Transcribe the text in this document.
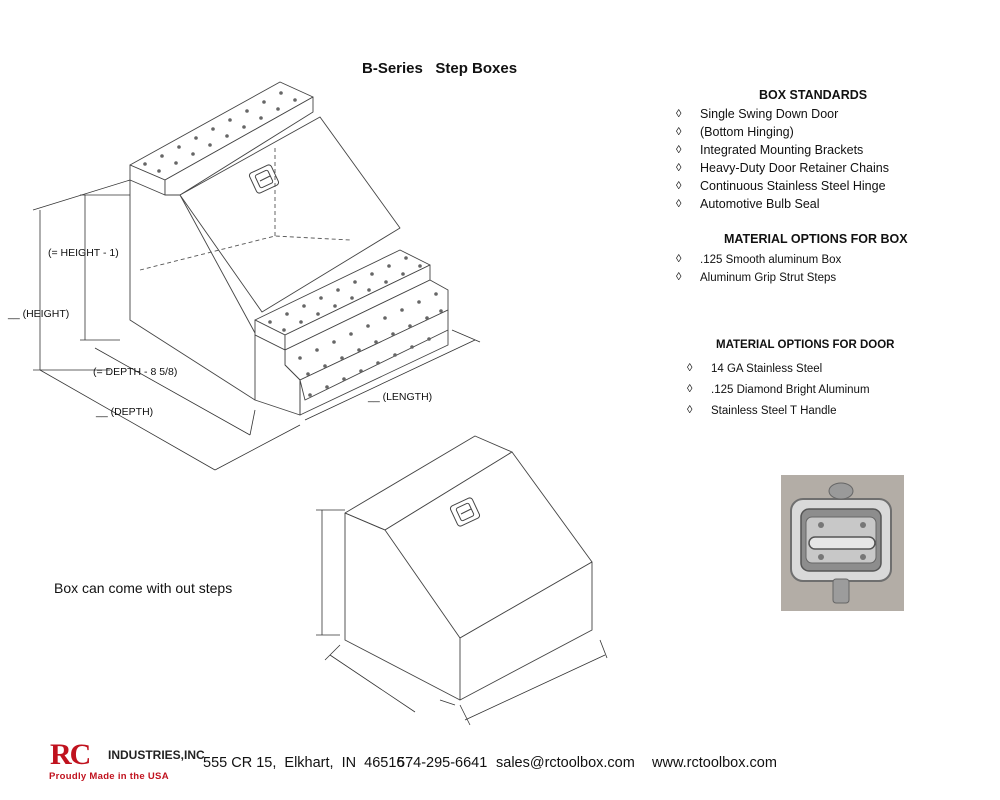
B-Series   Step Boxes
BOX STANDARDS
◊ Single Swing Down Door
◊ (Bottom Hinging)
◊ Integrated Mounting Brackets
◊ Heavy-Duty Door Retainer Chains
◊ Continuous Stainless Steel Hinge
◊ Automotive Bulb Seal
MATERIAL OPTIONS FOR BOX
◊ .125 Smooth aluminum Box
◊ Aluminum Grip Strut Steps
MATERIAL OPTIONS FOR DOOR
◊ 14 GA Stainless Steel
◊ .125 Diamond Bright Aluminum
◊ Stainless Steel T Handle
(= HEIGHT - 1)
__ (HEIGHT)
(= DEPTH - 8 5/8)
__ (DEPTH)
__ (LENGTH)
Box can come with out steps
RC INDUSTRIES,INC
Proudly Made in the USA
555 CR 15,  Elkhart,  IN  46516
574-295-6641 sales@rctoolbox.com www.rctoolbox.com
